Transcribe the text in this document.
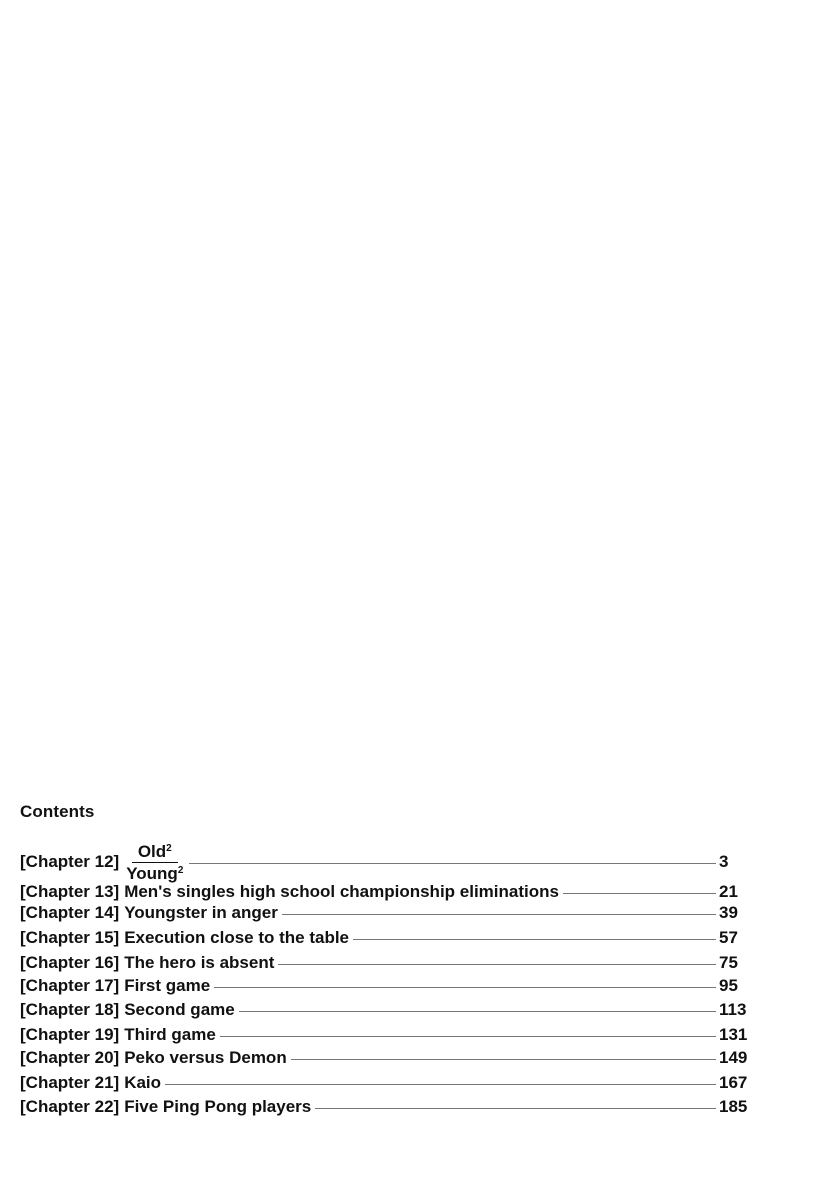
Contents
[Chapter $12] \frac{Old^2}{Young^2}$	3
[Chapter 13] Men's singles high school championship eliminations	21
[Chapter 14] Youngster in anger	39
[Chapter 15] Execution close to the table	57
[Chapter 16] The hero is absent	75
[Chapter 17] First game	95
[Chapter 18] Second game	113
[Chapter 19] Third game	131
[Chapter 20] Peko versus Demon	149
[Chapter 21] Kaio	167
[Chapter 22] Five Ping Pong players	185
